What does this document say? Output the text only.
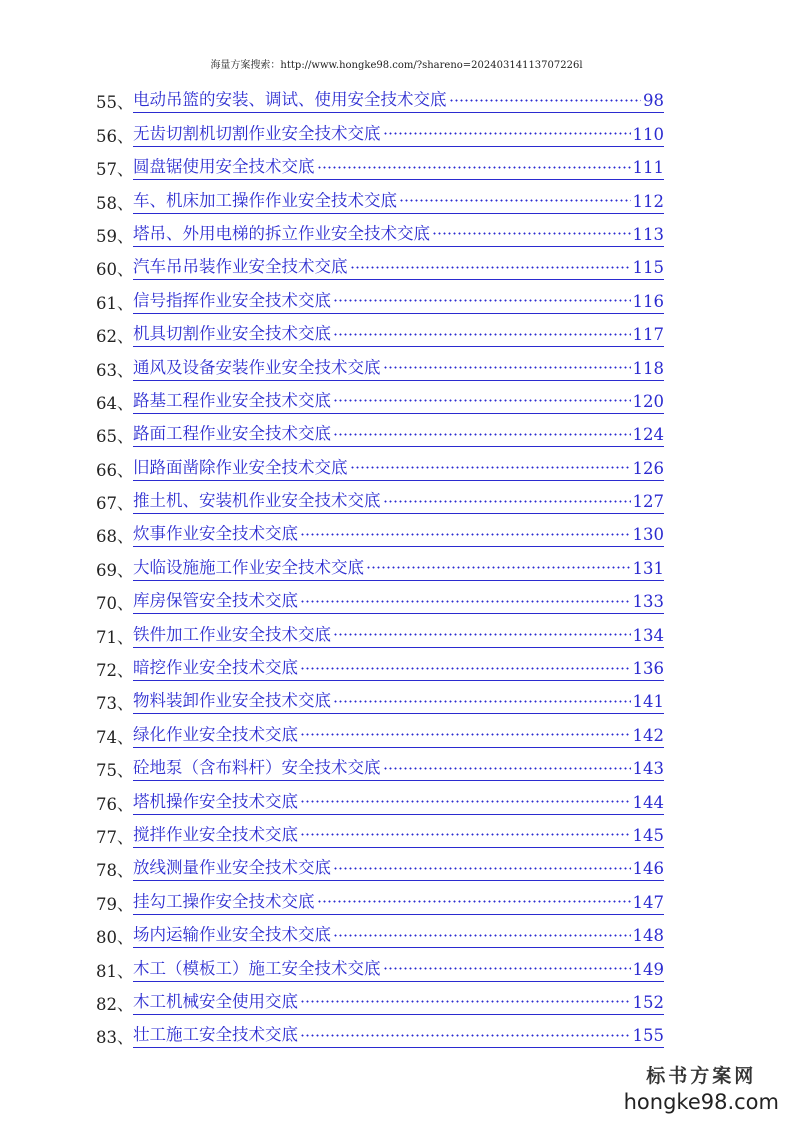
海量方案搜索：http://www.hongke98.com/?shareno=20240314113707226l
55、 电动吊篮的安装、调试、使用安全技术交底	98
56、 无齿切割机切割作业安全技术交底	110
57、 圆盘锯使用安全技术交底	111
58、 车、机床加工操作作业安全技术交底	112
59、 塔吊、外用电梯的拆立作业安全技术交底	113
60、 汽车吊吊装作业安全技术交底	115
61、 信号指挥作业安全技术交底	116
62、 机具切割作业安全技术交底	117
63、 通风及设备安装作业安全技术交底	118
64、 路基工程作业安全技术交底	120
65、 路面工程作业安全技术交底	124
66、 旧路面凿除作业安全技术交底	126
67、 推土机、安装机作业安全技术交底	127
68、 炊事作业安全技术交底	130
69、 大临设施施工作业安全技术交底	131
70、 库房保管安全技术交底	133
71、 铁件加工作业安全技术交底	134
72、 暗挖作业安全技术交底	136
73、 物料装卸作业安全技术交底	141
74、 绿化作业安全技术交底	142
75、 砼地泵（含布料杆）安全技术交底	143
76、 塔机操作安全技术交底	144
77、 搅拌作业安全技术交底	145
78、 放线测量作业安全技术交底	146
79、 挂勾工操作安全技术交底	147
80、 场内运输作业安全技术交底	148
81、 木工（模板工）施工安全技术交底	149
82、 木工机械安全使用交底	152
83、 壮工施工安全技术交底	155
标书方案网
hongke98.com
